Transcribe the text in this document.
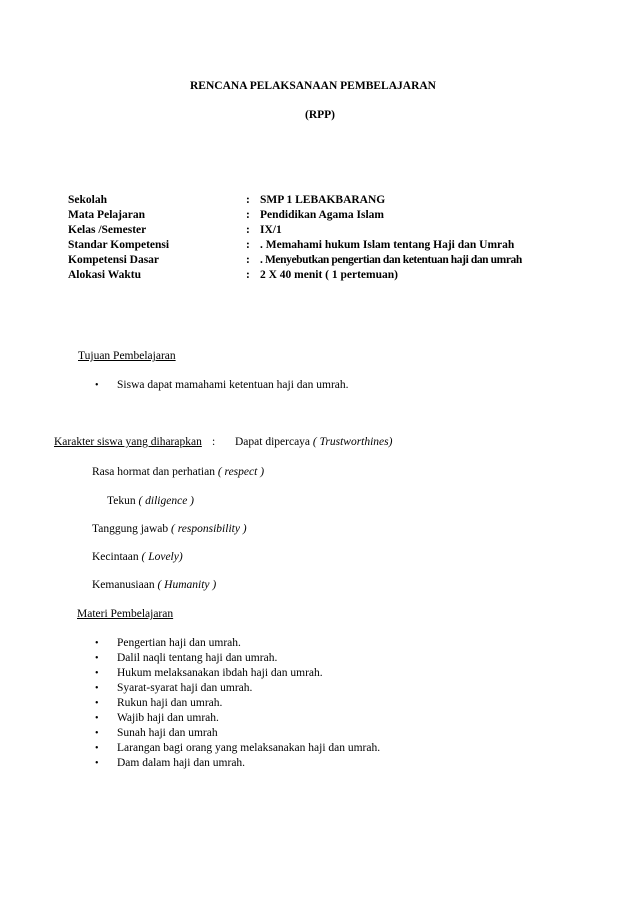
RENCANA PELAKSANAAN PEMBELAJARAN
(RPP)
Sekolah	: SMP 1 LEBAKBARANG
Mata Pelajaran	: Pendidikan Agama Islam
Kelas /Semester	: IX/1
Standar Kompetensi	: . Memahami hukum Islam tentang Haji dan Umrah
Kompetensi Dasar	: . Menyebutkan pengertian dan ketentuan haji dan umrah
Alokasi Waktu	: 2 X 40 menit ( 1 pertemuan)
Tujuan Pembelajaran
• Siswa dapat mamahami ketentuan haji dan umrah.
Karakter siswa yang diharapkan : Dapat dipercaya ( Trustworthines)
Rasa hormat dan perhatian ( respect )
Tekun ( diligence )
Tanggung jawab ( responsibility )
Kecintaan ( Lovely)
Kemanusiaan ( Humanity )
Materi Pembelajaran
• Pengertian haji dan umrah.
• Dalil naqli tentang haji dan umrah.
• Hukum melaksanakan ibdah haji dan umrah.
• Syarat-syarat haji dan umrah.
• Rukun haji dan umrah.
• Wajib haji dan umrah.
• Sunah haji dan umrah
• Larangan bagi orang yang melaksanakan haji dan umrah.
• Dam dalam haji dan umrah.
